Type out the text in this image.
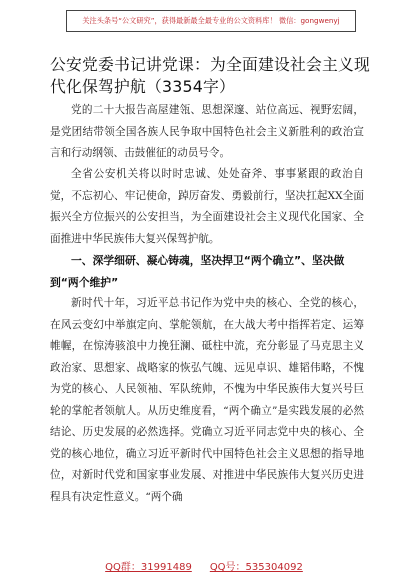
关注头条号“公文研究”，获得最新最全最专业的公文资料库！ 微信：gongwenyj
公安党委书记讲党课：为全面建设社会主义现代化保驾护航（3354字）
党的二十大报告高屋建瓴、思想深邃、站位高远、视野宏阔，是党团结带领全国各族人民争取中国特色社会主义新胜利的政治宣言和行动纲领、击鼓催征的动员号令。
全省公安机关将以时时忠诚、处处奋斧、事事紧跟的政治自觉，不忘初心、牢记使命，踔厉奋发、勇毅前行，坚决扛起XX全面振兴全方位振兴的公安担当，为全面建设社会主义现代化国家、全面推进中华民族伟大复兴保驾护航。
一、深学细研、凝心铸魂，坚决捍卫“两个确立”、坚决做到“两个维护”
新时代十年，习近平总书记作为党中央的核心、全党的核心，在风云变幻中举旗定向、掌舵领航，在大战大考中指挥若定、运筹帷幄，在惊涛骇浪中力挽狂澜、砥柱中流，充分彰显了马克思主义政治家、思想家、战略家的恢弘气魄、远见卓识、雄韬伟略，不愧为党的核心、人民领袖、军队统帅，不愧为中华民族伟大复兴号巨轮的掌舵者领航人。从历史维度看，“两个确立”是实践发展的必然结论、历史发展的必然选择。党确立习近平同志党中央的核心、全党的核心地位，确立习近平新时代中国特色社会主义思想的指导地位，对新时代党和国家事业发展、对推进中华民族伟大复兴历史进程具有决定性意义。“两个确
QQ群：31991489 QQ号：535304092
